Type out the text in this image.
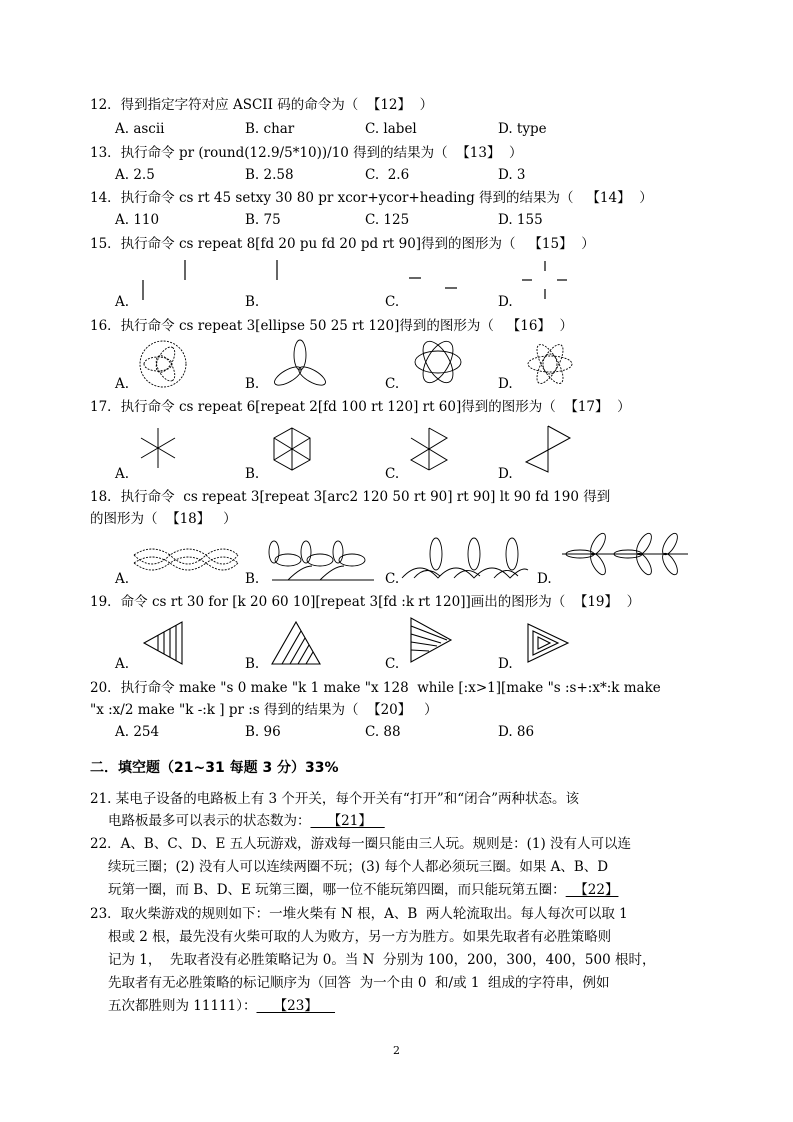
12．得到指定字符对应 ASCII 码的命令为（  【12】  ）
A. ascii	B. char	C. label	D. type
13．执行命令 pr (round(12.9/5*10))/10 得到的结果为（  【13】  ）
A. 2.5	B. 2.58	C.  2.6	D. 3
14．执行命令 cs rt 45 setxy 30 80 pr xcor+ycor+heading 得到的结果为（   【14】  ）
A. 110	B. 75	C. 125	D. 155
15．执行命令 cs repeat 8[fd 20 pu fd 20 pd rt 90]得到的图形为（   【15】  ）
A.	B.	C.	D.
16．执行命令 cs repeat 3[ellipse 50 25 rt 120]得到的图形为（   【16】  ）
A.	B.	C.	D.
17．执行命令 cs repeat 6[repeat 2[fd 100 rt 120] rt 60]得到的图形为（  【17】  ）
A.	B.	C.	D.
18．执行命令  cs repeat 3[repeat 3[arc2 120 50 rt 90] rt 90] lt 90 fd 190 得到
的图形为（  【18】   ）
A.	B.	C.	D.
19．命令 cs rt 30 for [k 20 60 10][repeat 3[fd :k rt 120]]画出的图形为（  【19】  ）
A.	B.	C.	D.
20．执行命令 make "s 0 make "k 1 make "x 128  while [:x>1][make "s :s+:x*:k make
"x :x/2 make "k -:k ] pr :s 得到的结果为（  【20】   ）
A. 254	B. 96	C. 88	D. 86
二．填空题（21~31 每题 3 分）33%
21. 某电子设备的电路板上有 3 个开关，每个开关有“打开”和“闭合”两种状态。该
电路板最多可以表示的状态数为：    【21】
22．A、B、C、D、E 五人玩游戏，游戏每一圈只能由三人玩。规则是：(1) 没有人可以连
续玩三圈；(2) 没有人可以连续两圈不玩；(3) 每个人都必须玩三圈。如果 A、B、D
玩第一圈，而 B、D、E 玩第三圈，哪一位不能玩第四圈，而只能玩第五圈：  【22】
23．取火柴游戏的规则如下：一堆火柴有 N 根，A、B  两人轮流取出。每人每次可以取 1
根或 2 根，最先没有火柴可取的人为败方，另一方为胜方。如果先取者有必胜策略则
记为 1，  先取者没有必胜策略记为 0。当 N  分别为 100，200，300，400，500 根时，
先取者有无必胜策略的标记顺序为（回答  为一个由 0  和/或 1  组成的字符串，例如
五次都胜则为 11111）：    【23】
2
